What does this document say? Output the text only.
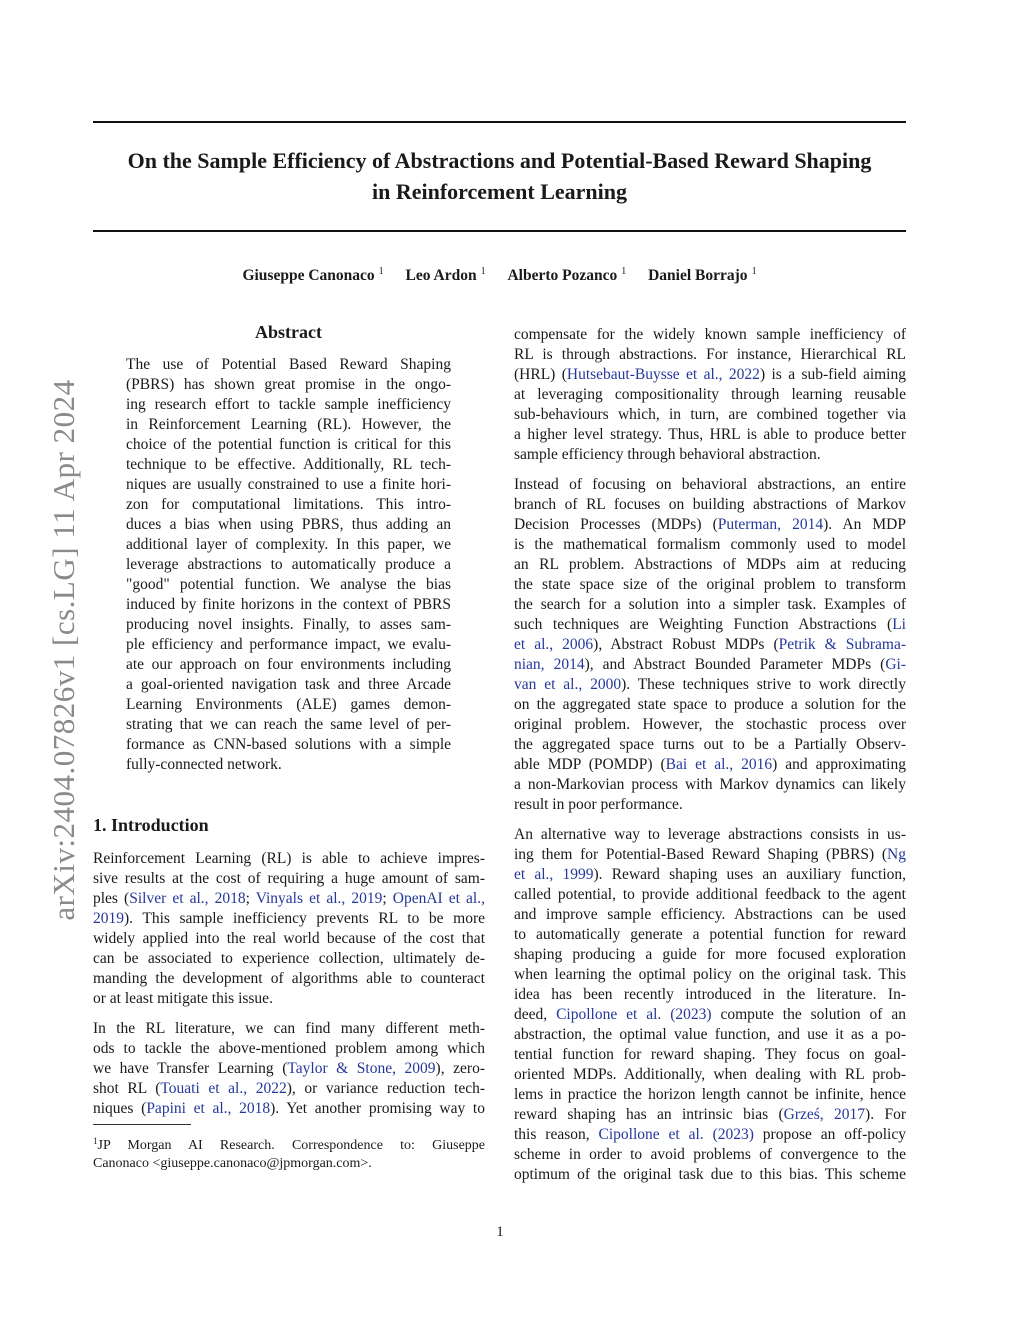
arXiv:2404.07826v1 [cs.LG] 11 Apr 2024
On the Sample Efficiency of Abstractions and Potential-Based Reward Shaping
in Reinforcement Learning
Giuseppe Canonaco $^1$ Leo Ardon $^1$ Alberto Pozanco $^1$ Daniel Borrajo $^1$
Abstract
The use of Potential Based Reward Shaping
(PBRS) has shown great promise in the ongo-
ing research effort to tackle sample inefficiency
in Reinforcement Learning (RL). However, the
choice of the potential function is critical for this
technique to be effective. Additionally, RL tech-
niques are usually constrained to use a finite hori-
zon for computational limitations. This intro-
duces a bias when using PBRS, thus adding an
additional layer of complexity. In this paper, we
leverage abstractions to automatically produce a
"good" potential function. We analyse the bias
induced by finite horizons in the context of PBRS
producing novel insights. Finally, to asses sam-
ple efficiency and performance impact, we evalu-
ate our approach on four environments including
a goal-oriented navigation task and three Arcade
Learning Environments (ALE) games demon-
strating that we can reach the same level of per-
formance as CNN-based solutions with a simple
fully-connected network.
1. Introduction
Reinforcement Learning (RL) is able to achieve impres-
sive results at the cost of requiring a huge amount of sam-
ples (Silver et al., 2018; Vinyals et al., 2019; OpenAI et al.,
2019). This sample inefficiency prevents RL to be more
widely applied into the real world because of the cost that
can be associated to experience collection, ultimately de-
manding the development of algorithms able to counteract
or at least mitigate this issue.
In the RL literature, we can find many different meth-
ods to tackle the above-mentioned problem among which
we have Transfer Learning (Taylor & Stone, 2009), zero-
shot RL (Touati et al., 2022), or variance reduction tech-
niques (Papini et al., 2018). Yet another promising way to
$^1$JP Morgan AI Research. Correspondence to: Giuseppe
Canonaco <giuseppe.canonaco@jpmorgan.com>.
compensate for the widely known sample inefficiency of
RL is through abstractions. For instance, Hierarchical RL
(HRL) (Hutsebaut-Buysse et al., 2022) is a sub-field aiming
at leveraging compositionality through learning reusable
sub-behaviours which, in turn, are combined together via
a higher level strategy. Thus, HRL is able to produce better
sample efficiency through behavioral abstraction.
Instead of focusing on behavioral abstractions, an entire
branch of RL focuses on building abstractions of Markov
Decision Processes (MDPs) (Puterman, 2014). An MDP
is the mathematical formalism commonly used to model
an RL problem. Abstractions of MDPs aim at reducing
the state space size of the original problem to transform
the search for a solution into a simpler task. Examples of
such techniques are Weighting Function Abstractions (Li
et al., 2006), Abstract Robust MDPs (Petrik & Subrama-
nian, 2014), and Abstract Bounded Parameter MDPs (Gi-
van et al., 2000). These techniques strive to work directly
on the aggregated state space to produce a solution for the
original problem. However, the stochastic process over
the aggregated space turns out to be a Partially Observ-
able MDP (POMDP) (Bai et al., 2016) and approximating
a non-Markovian process with Markov dynamics can likely
result in poor performance.
An alternative way to leverage abstractions consists in us-
ing them for Potential-Based Reward Shaping (PBRS) (Ng
et al., 1999). Reward shaping uses an auxiliary function,
called potential, to provide additional feedback to the agent
and improve sample efficiency. Abstractions can be used
to automatically generate a potential function for reward
shaping producing a guide for more focused exploration
when learning the optimal policy on the original task. This
idea has been recently introduced in the literature. In-
deed, Cipollone et al. (2023) compute the solution of an
abstraction, the optimal value function, and use it as a po-
tential function for reward shaping. They focus on goal-
oriented MDPs. Additionally, when dealing with RL prob-
lems in practice the horizon length cannot be infinite, hence
reward shaping has an intrinsic bias (Grześ, 2017). For
this reason, Cipollone et al. (2023) propose an off-policy
scheme in order to avoid problems of convergence to the
optimum of the original task due to this bias. This scheme
1
